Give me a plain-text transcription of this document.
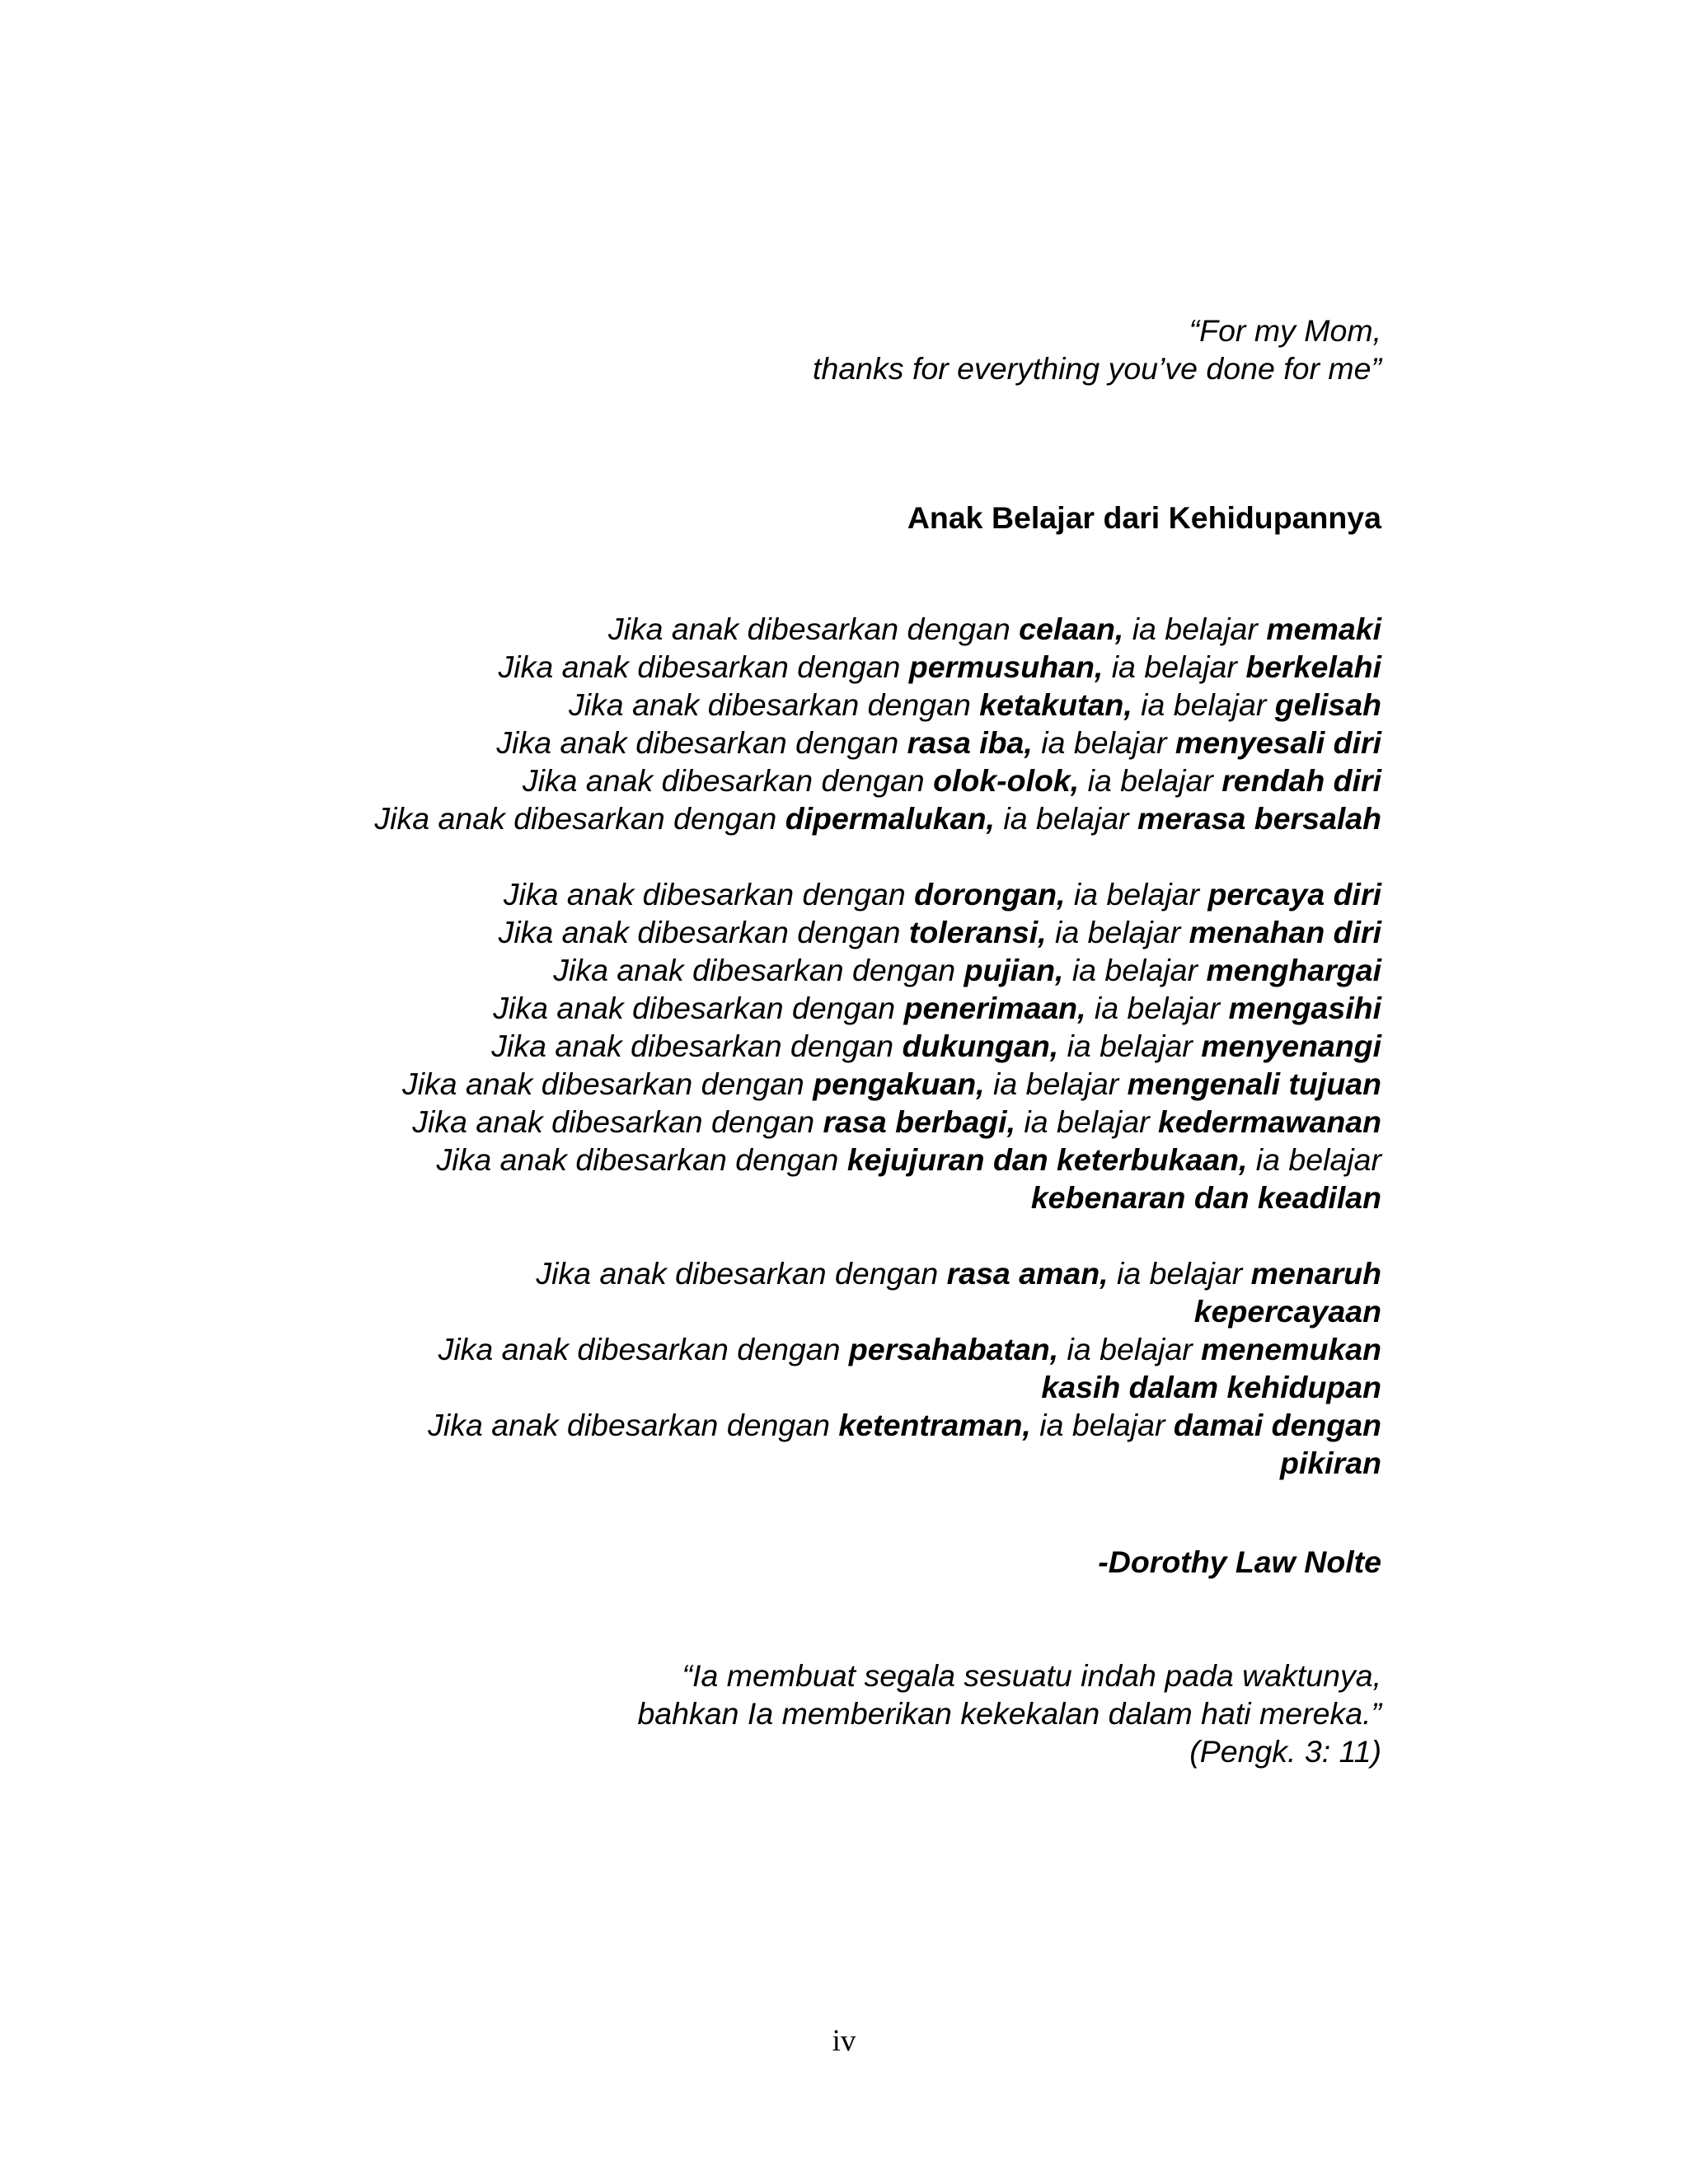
“For my Mom,
thanks for everything you’ve done for me”
Anak Belajar dari Kehidupannya
Jika anak dibesarkan dengan celaan, ia belajar memaki
Jika anak dibesarkan dengan permusuhan, ia belajar berkelahi
Jika anak dibesarkan dengan ketakutan, ia belajar gelisah
Jika anak dibesarkan dengan rasa iba, ia belajar menyesali diri
Jika anak dibesarkan dengan olok-olok, ia belajar rendah diri
Jika anak dibesarkan dengan dipermalukan, ia belajar merasa bersalah
Jika anak dibesarkan dengan dorongan, ia belajar percaya diri
Jika anak dibesarkan dengan toleransi, ia belajar menahan diri
Jika anak dibesarkan dengan pujian, ia belajar menghargai
Jika anak dibesarkan dengan penerimaan, ia belajar mengasihi
Jika anak dibesarkan dengan dukungan, ia belajar menyenangi
Jika anak dibesarkan dengan pengakuan, ia belajar mengenali tujuan
Jika anak dibesarkan dengan rasa berbagi, ia belajar kedermawanan
Jika anak dibesarkan dengan kejujuran dan keterbukaan, ia belajar
kebenaran dan keadilan
Jika anak dibesarkan dengan rasa aman, ia belajar menaruh
kepercayaan
Jika anak dibesarkan dengan persahabatan, ia belajar menemukan
kasih dalam kehidupan
Jika anak dibesarkan dengan ketentraman, ia belajar damai dengan
pikiran
-Dorothy Law Nolte
“Ia membuat segala sesuatu indah pada waktunya,
bahkan Ia memberikan kekekalan dalam hati mereka.”
(Pengk. 3: 11)
iv
